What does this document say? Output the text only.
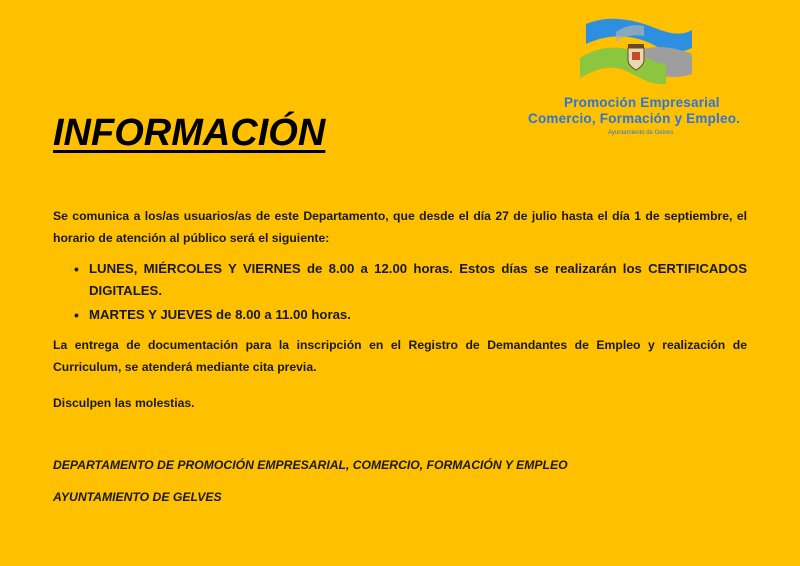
Promoción Empresarial
Comercio, Formación y Empleo.
Ayuntamiento de Gelves
INFORMACIÓN

Se comunica a los/as usuarios/as de este Departamento, que desde el día 27 de julio hasta el día 1 de septiembre, el horario de atención al público será el siguiente:

• LUNES, MIÉRCOLES Y VIERNES de 8.00 a 12.00 horas. Estos días se realizarán los CERTIFICADOS DIGITALES.
• MARTES Y JUEVES de 8.00 a 11.00 horas.

La entrega de documentación para la inscripción en el Registro de Demandantes de Empleo y realización de Curriculum, se atenderá mediante cita previa.

Disculpen las molestias.

DEPARTAMENTO DE PROMOCIÓN EMPRESARIAL, COMERCIO, FORMACIÓN Y EMPLEO

AYUNTAMIENTO DE GELVES
